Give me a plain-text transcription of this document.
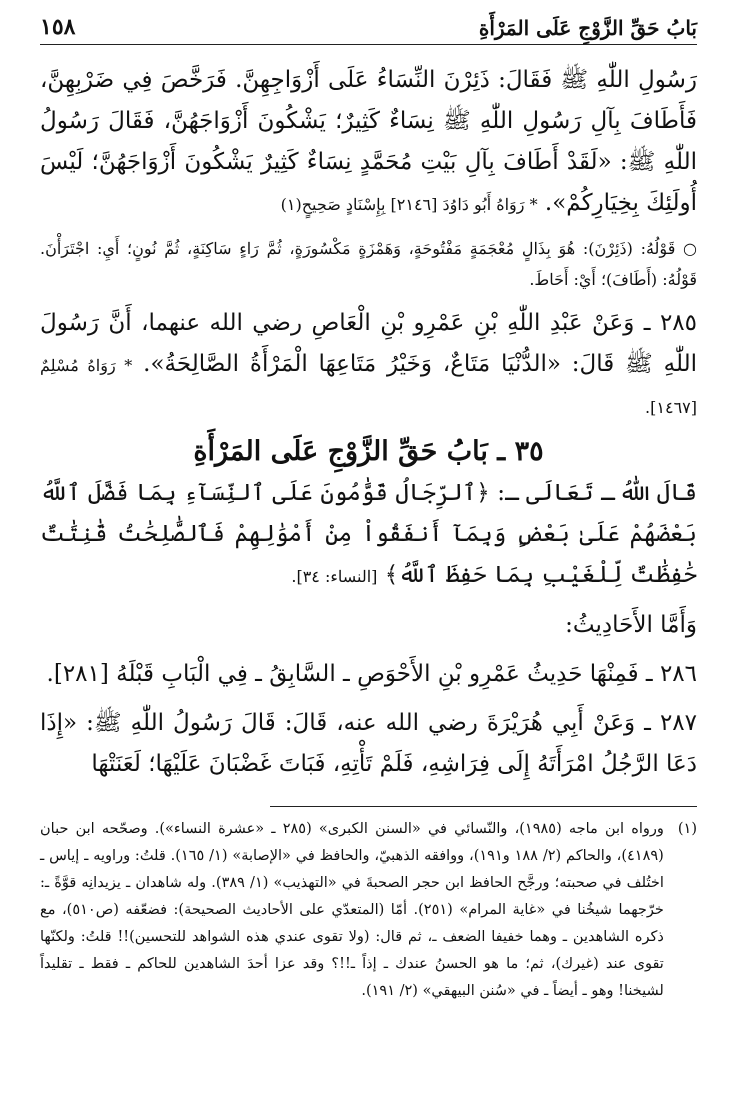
بَابُ حَقِّ الزَّوْجِ عَلَى المَرْأَةِ
١٥٨

رَسُولِ اللّٰهِ ﷺ فَقَالَ: ذَئِرْنَ النِّسَاءُ عَلَى أَزْوَاجِهِنَّ. فَرَخَّصَ فِي ضَرْبِهِنَّ، فَأَطَافَ بِآلِ رَسُولِ اللّٰهِ ﷺ نِسَاءٌ كَثِيرٌ؛ يَشْكُونَ أَزْوَاجَهُنَّ، فَقَالَ رَسُولُ اللّٰهِ ﷺ: «لَقَدْ أَطَافَ بِآلِ بَيْتِ مُحَمَّدٍ نِسَاءٌ كَثِيرٌ يَشْكُونَ أَزْوَاجَهُنَّ؛ لَيْسَ أُولَئِكَ بِخِيَارِكُمْ». * رَوَاهُ أَبُو دَاوُدَ [٢١٤٦] بِإِسْنَادٍ صَحِيحٍ(١)

○ قَوْلُهُ: (ذَئِرْنَ): هُوَ بِذَالٍ مُعْجَمَةٍ مَفْتُوحَةٍ، وَهَمْزَةٍ مَكْسُورَةٍ، ثُمَّ رَاءٍ سَاكِنَةٍ، ثُمَّ نُونٍ؛ أَيِ: اجْتَرَأْنَ. قَوْلُهُ: (أَطَافَ)؛ أَيْ: أَحَاطَ.

٢٨٥ ـ وَعَنْ عَبْدِ اللّٰهِ بْنِ عَمْرِو بْنِ الْعَاصِ رضي الله عنهما، أَنَّ رَسُولَ اللّٰهِ ﷺ قَالَ: «الدُّنْيَا مَتَاعٌ، وَخَيْرُ مَتَاعِهَا الْمَرْأَةُ الصَّالِحَةُ». * رَوَاهُ مُسْلِمٌ [١٤٦٧].

٣٥ ـ بَابُ حَقِّ الزَّوْجِ عَلَى المَرْأَةِ

قَالَ اللّٰهُ ـ تَعَالَى ـ: ﴿ٱلرِّجَالُ قَوَّٰمُونَ عَلَى ٱلنِّسَآءِ بِمَا فَضَّلَ ٱللَّهُ بَعْضَهُمْ عَلَىٰ بَعْضٍ وَبِمَآ أَنفَقُواْ مِنْ أَمْوَٰلِهِمْ فَٱلصَّٰلِحَٰتُ قَٰنِتَٰتٌ حَٰفِظَٰتٌ لِّلْغَيْبِ بِمَا حَفِظَ ٱللَّهُ﴾ [النساء: ٣٤].

وَأَمَّا الأَحَادِيثُ:

٢٨٦ ـ فَمِنْهَا حَدِيثُ عَمْرِو بْنِ الأَحْوَصِ ـ السَّابِقُ ـ فِي الْبَابِ قَبْلَهُ [٢٨١].

٢٨٧ ـ وَعَنْ أَبِي هُرَيْرَةَ رضي الله عنه، قَالَ: قَالَ رَسُولُ اللّٰهِ ﷺ: «إِذَا دَعَا الرَّجُلُ امْرَأَتَهُ إِلَى فِرَاشِهِ، فَلَمْ تَأْتِهِ، فَبَاتَ غَضْبَانَ عَلَيْهَا؛ لَعَنَتْهَا

(١)
ورواه ابن ماجه (١٩٨٥)، والنّسائي في «السنن الكبرى» (٢٨٥ ـ «عشرة النساء»). وصحّحه ابن حبان (٤١٨٩)، والحاكم (٢/ ١٨٨ و١٩١)، ووافقه الذهبيّ، والحافظ في «الإصابة» (١/ ١٦٥). قلتُ: وراويه ـ إياس ـ اختُلف في صحبته؛ ورجَّح الحافظ ابن حجر الصحبةَ في «التهذيب» (١/ ٣٨٩). وله شاهدان ـ يزيدانِه قوَّةً ـ: خرّجهما شيخُنا في «غاية المرام» (٢٥١). أمّا (المتعدّي على الأحاديث الصحيحة): فضعّفه (ص٥١٠)، مع ذكره الشاهدين ـ وهما خفيفا الضعف ـ، ثم قال: (ولا تقوى عندي هذه الشواهد للتحسين)!! قلتُ: ولكنّها تقوى عند (غيرك)، ثم؛ ما هو الحسنُ عندك ـ إذاً ـ!!؟ وقد عزا أحدَ الشاهدين للحاكم ـ فقط ـ تقليداً لشيخنا! وهو ـ أيضاً ـ في «سُنن البيهقي» (٢/ ١٩١).
